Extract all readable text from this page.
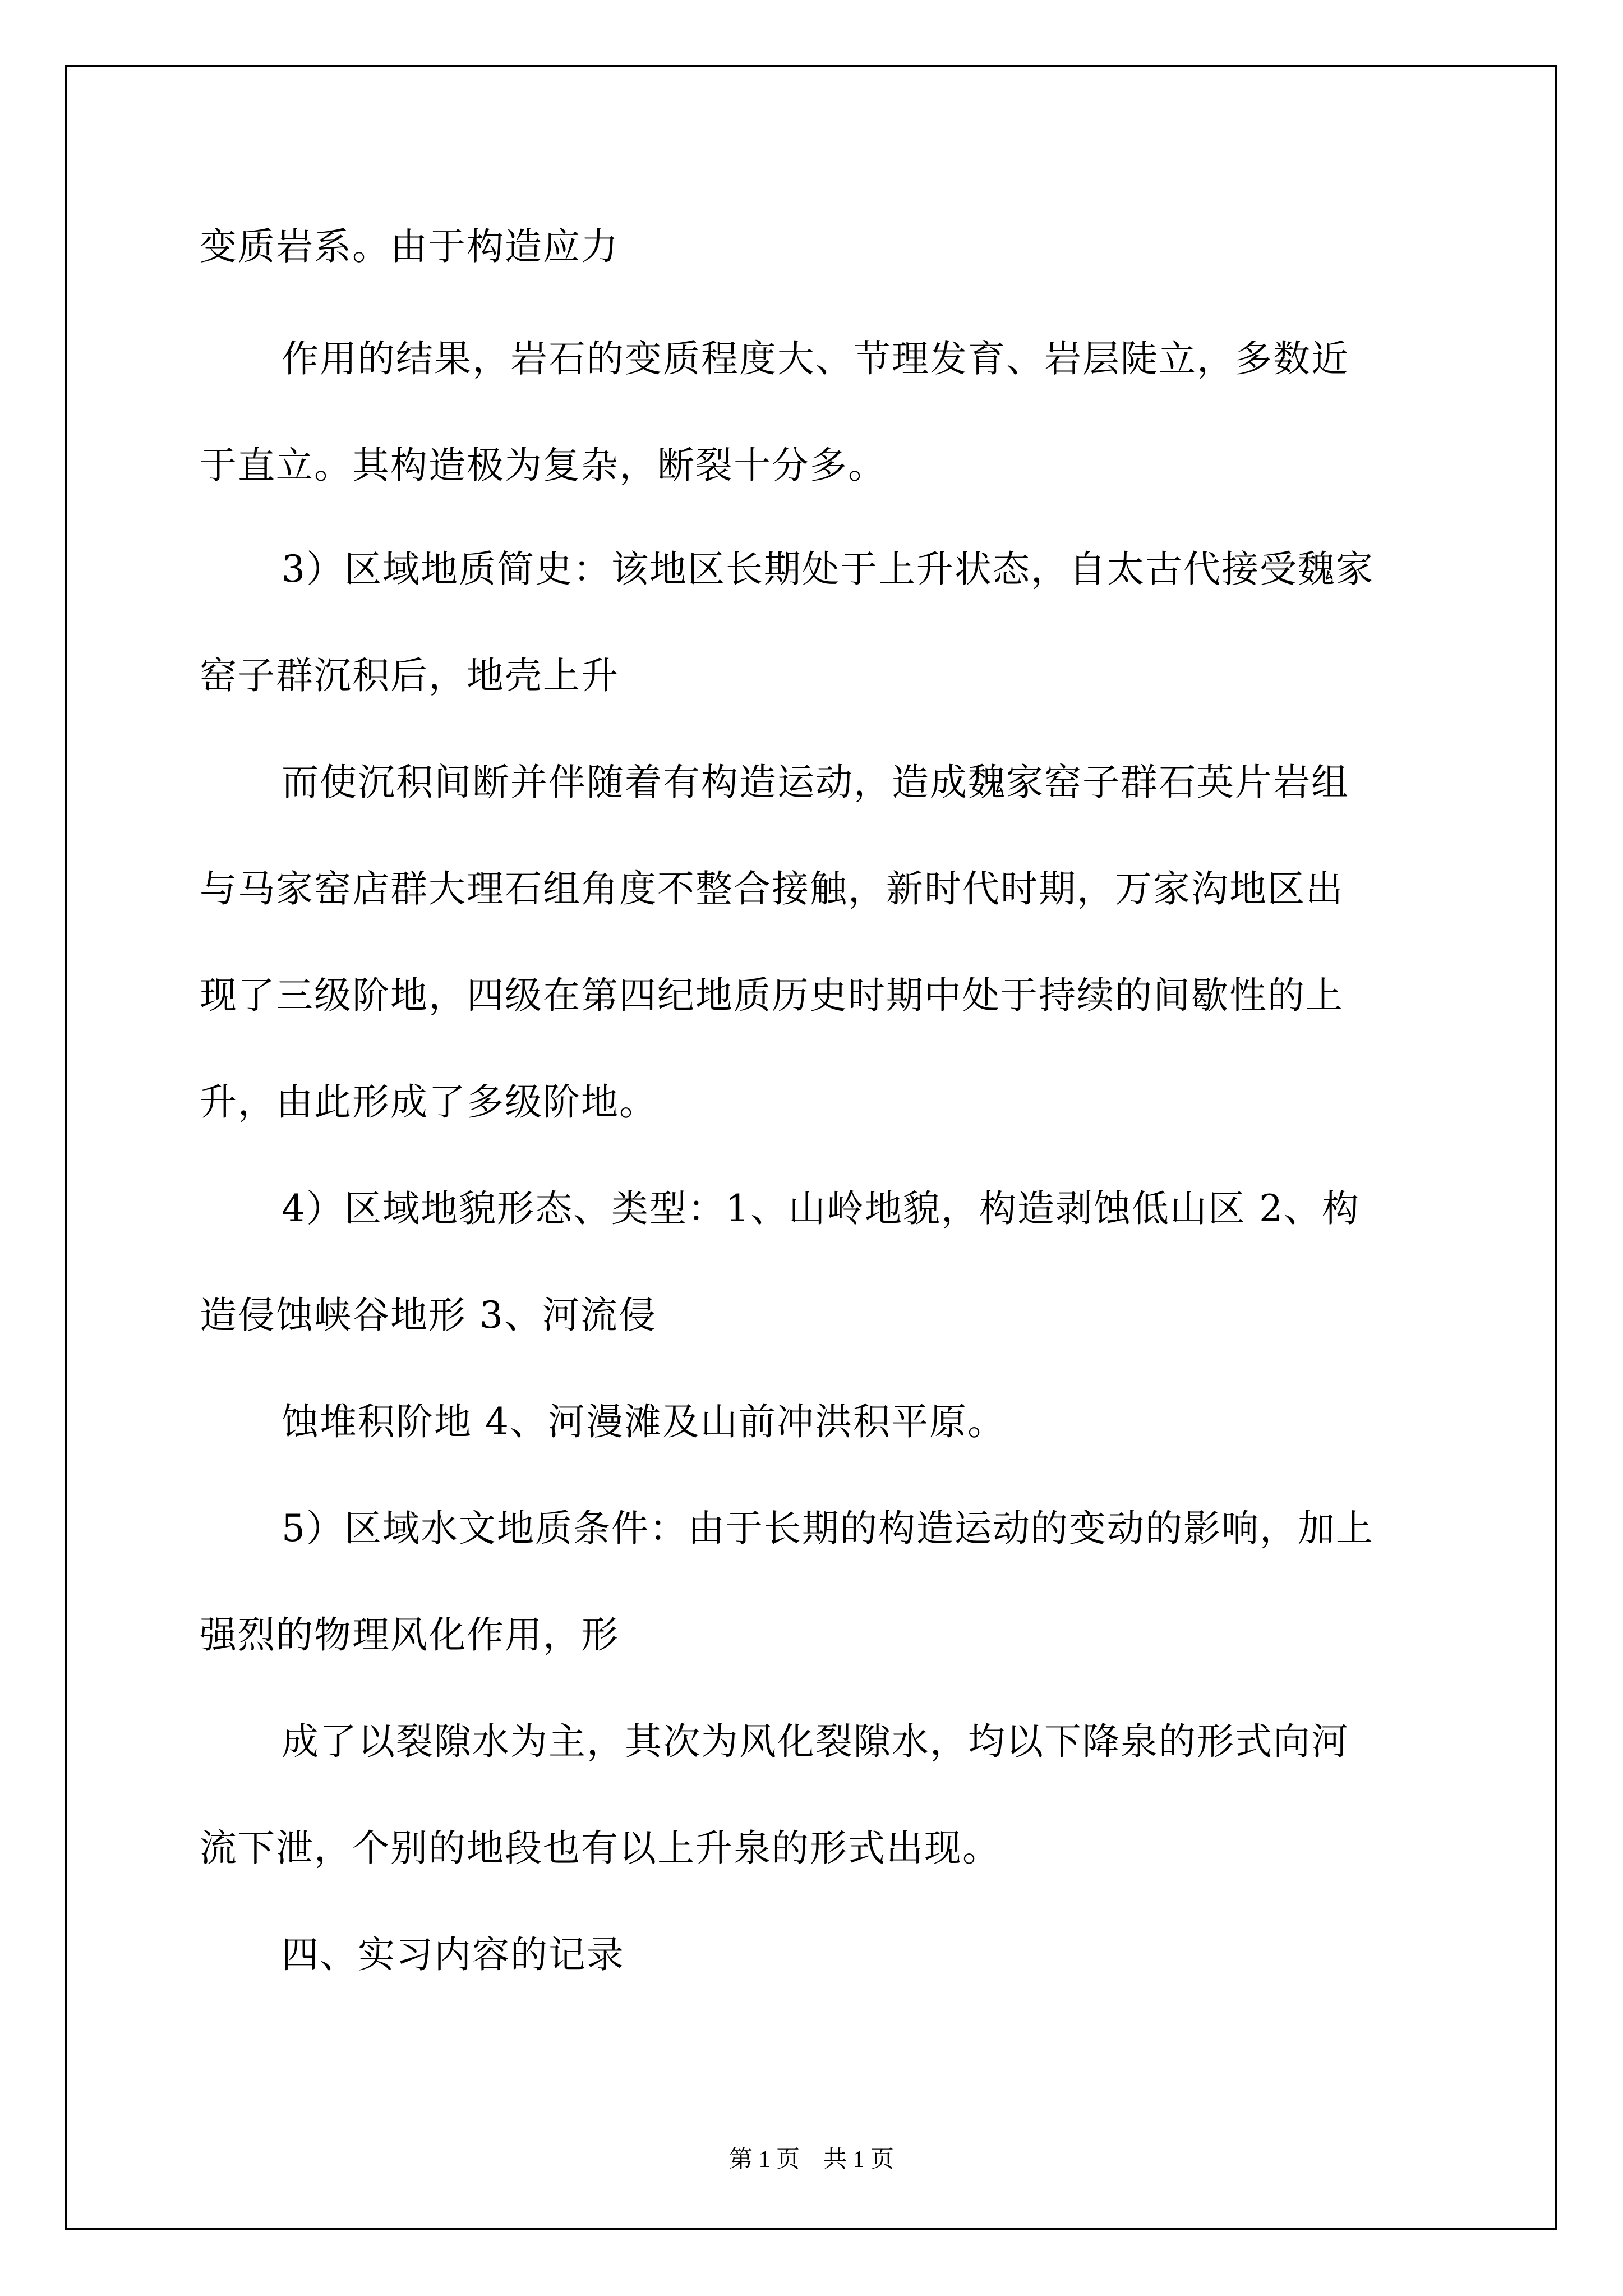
变质岩系。由于构造应力
作用的结果，岩石的变质程度大、节理发育、岩层陡立，多数近
于直立。其构造极为复杂，断裂十分多。
3）区域地质简史：该地区长期处于上升状态，自太古代接受魏家
窑子群沉积后，地壳上升
而使沉积间断并伴随着有构造运动，造成魏家窑子群石英片岩组
与马家窑店群大理石组角度不整合接触，新时代时期，万家沟地区出
现了三级阶地，四级在第四纪地质历史时期中处于持续的间歇性的上
升，由此形成了多级阶地。
4）区域地貌形态、类型：1、山岭地貌，构造剥蚀低山区 2、构
造侵蚀峡谷地形 3、河流侵
蚀堆积阶地 4、河漫滩及山前冲洪积平原。
5）区域水文地质条件：由于长期的构造运动的变动的影响，加上
强烈的物理风化作用，形
成了以裂隙水为主，其次为风化裂隙水，均以下降泉的形式向河
流下泄，个别的地段也有以上升泉的形式出现。
四、实习内容的记录
第 1 页　共 1 页
